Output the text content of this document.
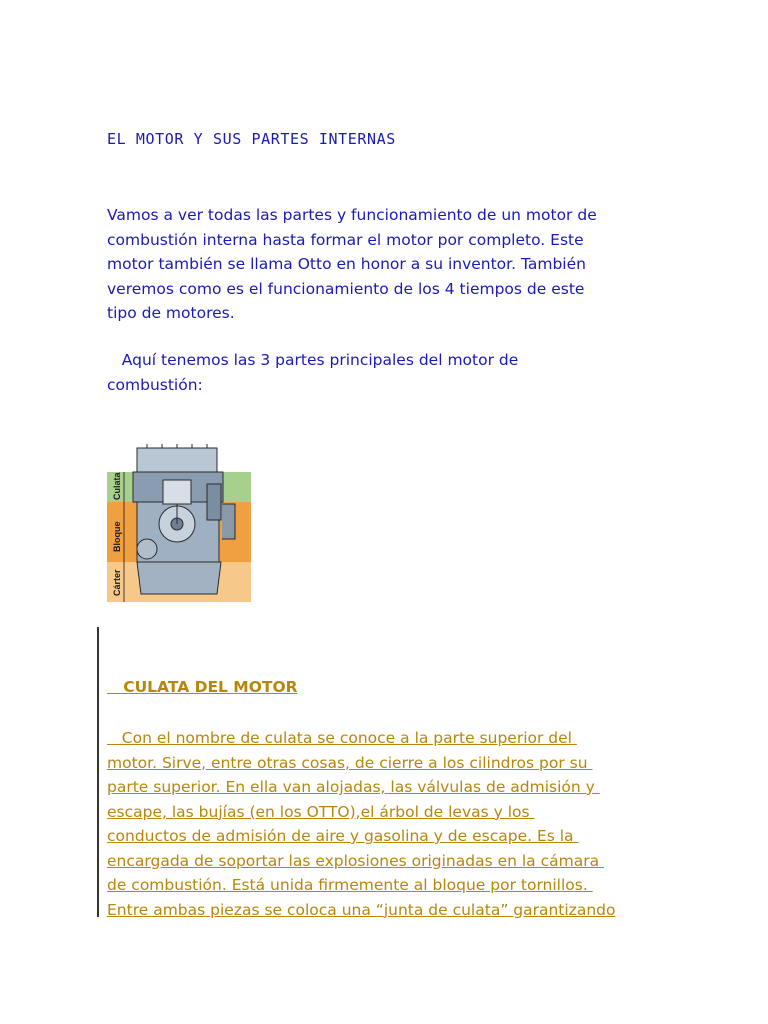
EL MOTOR Y SUS PARTES INTERNAS
Vamos a ver todas las partes y funcionamiento de un motor de
combustión interna hasta formar el motor por completo. Este
motor también se llama Otto en honor a su inventor. También
veremos como es el funcionamiento de los 4 tiempos de este
tipo de motores.
Aquí tenemos las 3 partes principales del motor de
combustión:
Culata
Bloque
Cárter
CULATA DEL MOTOR
Con el nombre de culata se conoce a la parte superior del
motor. Sirve, entre otras cosas, de cierre a los cilindros por su
parte superior. En ella van alojadas, las válvulas de admisión y
escape, las bujías (en los OTTO),el árbol de levas y los
conductos de admisión de aire y gasolina y de escape. Es la
encargada de soportar las explosiones originadas en la cámara
de combustión. Está unida firmemente al bloque por tornillos.
Entre ambas piezas se coloca una “junta de culata” garantizando
